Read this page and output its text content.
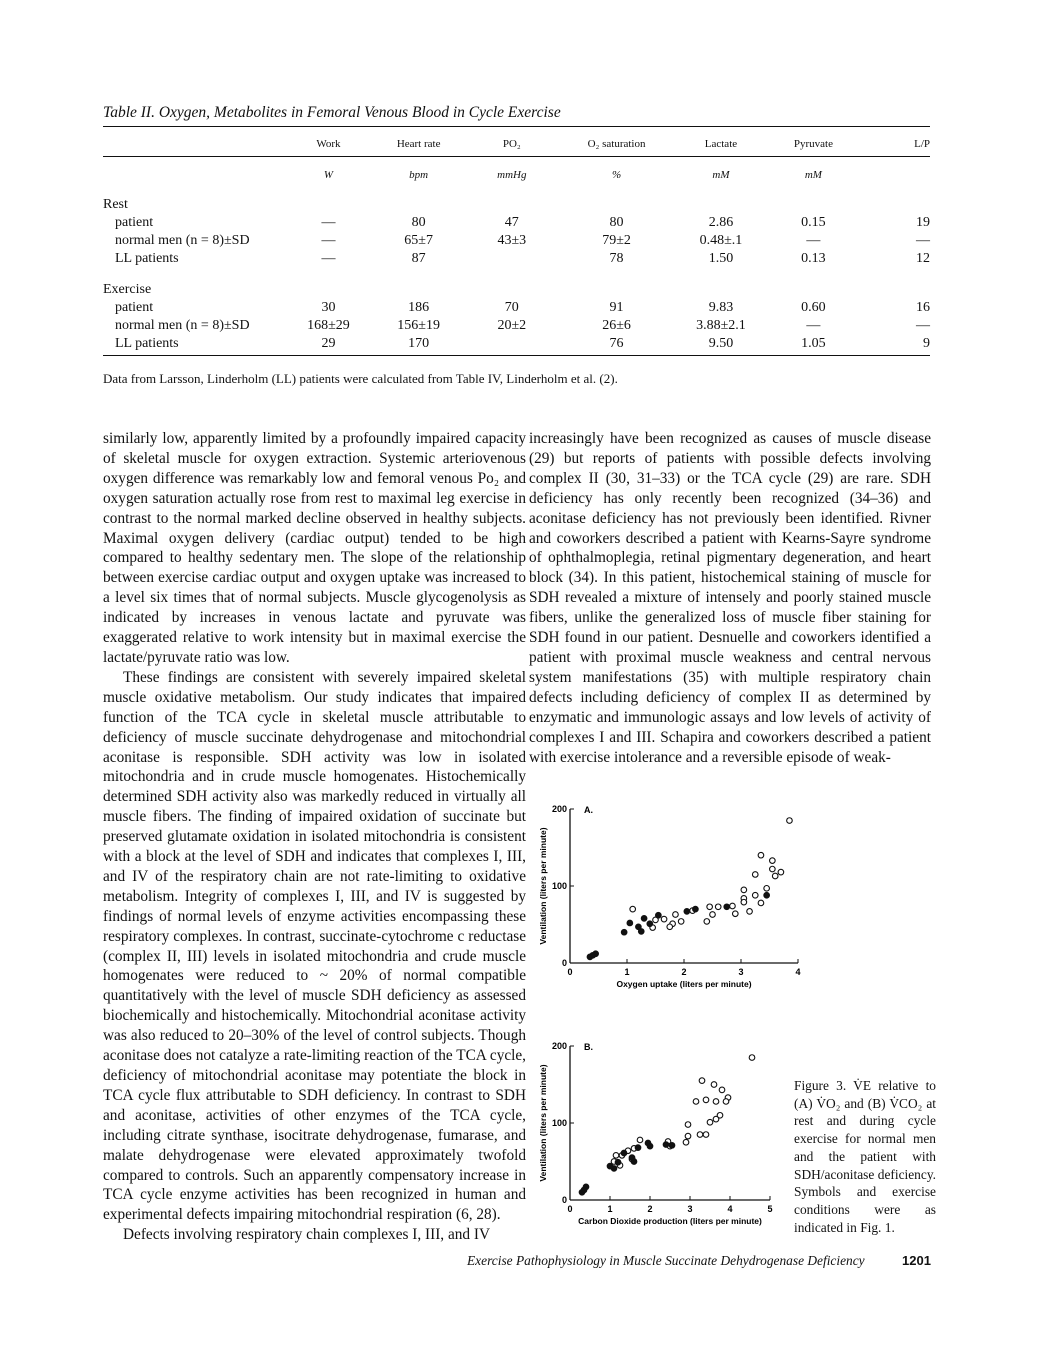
Table II. Oxygen, Metabolites in Femoral Venous Blood in Cycle Exercise
	Work	Heart rate	PO₂	O₂ saturation	Lactate	Pyruvate	L/P
	W	bpm	mmHg	%	mM	mM	
Rest							
patient	—	80	47	80	2.86	0.15	19
normal men (n = 8)±SD	—	65±7	43±3	79±2	0.48±.1	—	—
LL patients	—	87		78	1.50	0.13	12
Exercise							
patient	30	186	70	91	9.83	0.60	16
normal men (n = 8)±SD	168±29	156±19	20±2	26±6	3.88±2.1	—	—
LL patients	29	170		76	9.50	1.05	9
Data from Larsson, Linderholm (LL) patients were calculated from Table IV, Linderholm et al. (2).

similarly low, apparently limited by a profoundly impaired capacity of skeletal muscle for oxygen extraction. Systemic arteriovenous oxygen difference was remarkably low and femoral venous Po₂ and oxygen saturation actually rose from rest to maximal leg exercise in contrast to the normal marked decline observed in healthy subjects. Maximal oxygen delivery (cardiac output) tended to be high compared to healthy sedentary men. The slope of the relationship between exercise cardiac output and oxygen uptake was increased to a level six times that of normal subjects. Muscle glycogenolysis as indicated by increases in venous lactate and pyruvate was exaggerated relative to work intensity but in maximal exercise the lactate/pyruvate ratio was low.

These findings are consistent with severely impaired skeletal muscle oxidative metabolism. Our study indicates that impaired function of the TCA cycle in skeletal muscle attributable to deficiency of muscle succinate dehydrogenase and mitochondrial aconitase is responsible. SDH activity was low in isolated mitochondria and in crude muscle homogenates. Histochemically determined SDH activity also was markedly reduced in virtually all muscle fibers. The finding of impaired oxidation of succinate but preserved glutamate oxidation in isolated mitochondria is consistent with a block at the level of SDH and indicates that complexes I, III, and IV of the respiratory chain are not rate-limiting to oxidative metabolism. Integrity of complexes I, III, and IV is suggested by findings of normal levels of enzyme activities encompassing these respiratory complexes. In contrast, succinate-cytochrome c reductase (complex II, III) levels in isolated mitochondria and crude muscle homogenates were reduced to ~ 20% of normal compatible quantitatively with the level of muscle SDH deficiency as assessed biochemically and histochemically. Mitochondrial aconitase activity was also reduced to 20–30% of the level of control subjects. Though aconitase does not catalyze a rate-limiting reaction of the TCA cycle, deficiency of mitochondrial aconitase may potentiate the block in TCA cycle flux attributable to SDH deficiency. In contrast to SDH and aconitase, activities of other enzymes of the TCA cycle, including citrate synthase, isocitrate dehydrogenase, fumarase, and malate dehydrogenase were elevated approximately twofold compared to controls. Such an apparently compensatory increase in TCA cycle enzyme activities has been recognized in human and experimental defects impairing mitochondrial respiration (6, 28).

Defects involving respiratory chain complexes I, III, and IV

increasingly have been recognized as causes of muscle disease (29) but reports of patients with possible defects involving complex II (30, 31–33) or the TCA cycle (29) are rare. SDH deficiency has only recently been recognized (34–36) and aconitase deficiency has not previously been identified. Rivner and coworkers described a patient with Kearns-Sayre syndrome of ophthalmoplegia, retinal pigmentary degeneration, and heart block (34). In this patient, histochemical staining of muscle for SDH revealed a mixture of intensely and poorly stained muscle fibers, unlike the generalized loss of muscle fiber staining for SDH found in our patient. Desnuelle and coworkers identified a patient with proximal muscle weakness and central nervous system manifestations (35) with multiple respiratory chain defects including deficiency of complex II as determined by enzymatic and immunologic assays and low levels of activity of complexes I and III. Schapira and coworkers described a patient with exercise intolerance and a reversible episode of weak-

0	1	2	3	4
0
100
200 A.
Oxygen uptake (liters per minute)
Ventilation (liters per minute)
0	1	2	3	4	5
0
100
200 B.
Carbon Dioxide production (liters per minute)
Ventilation (liters per minute)	Figure 3. V̇E relative to (A) V̇O₂ and (B) V̇CO₂ at rest and during cycle exercise for normal men and the patient with SDH/aconitase deficiency. Symbols and exercise conditions were as indicated in Fig. 1.
Exercise Pathophysiology in Muscle Succinate Dehydrogenase Deficiency	1201
